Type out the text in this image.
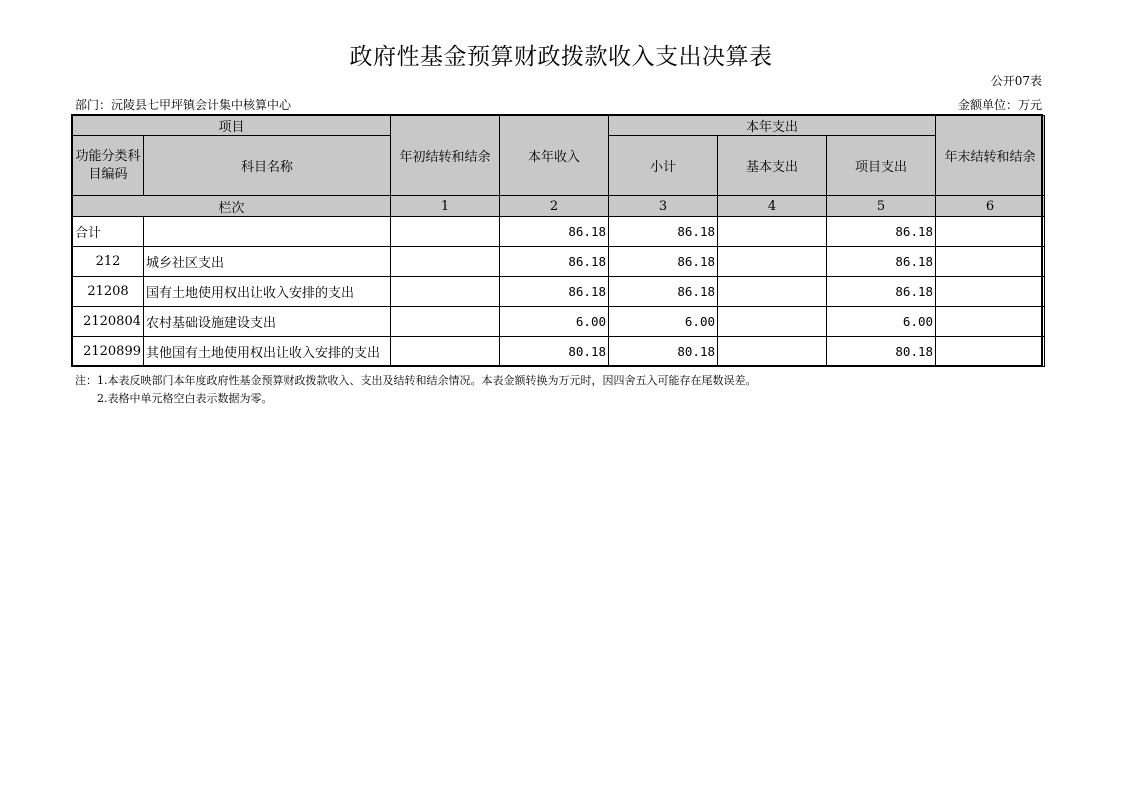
政府性基金预算财政拨款收入支出决算表
公开07表
部门：沅陵县七甲坪镇会计集中核算中心	金额单位：万元
项目		年初结转和结余	本年收入	本年支出			年末结转和结余
功能分类科目编码	科目名称			小计	基本支出	项目支出	
栏次		1	2	3	4	5	6
合计			86.18	86.18		86.18	
212	城乡社区支出		86.18	86.18		86.18	
21208	国有土地使用权出让收入安排的支出		86.18	86.18		86.18	
2120804	农村基础设施建设支出		6.00	6.00		6.00	
2120899	其他国有土地使用权出让收入安排的支出		80.18	80.18		80.18	
注：1.本表反映部门本年度政府性基金预算财政拨款收入、支出及结转和结余情况。本表金额转换为万元时，因四舍五入可能存在尾数误差。
2.表格中单元格空白表示数据为零。
